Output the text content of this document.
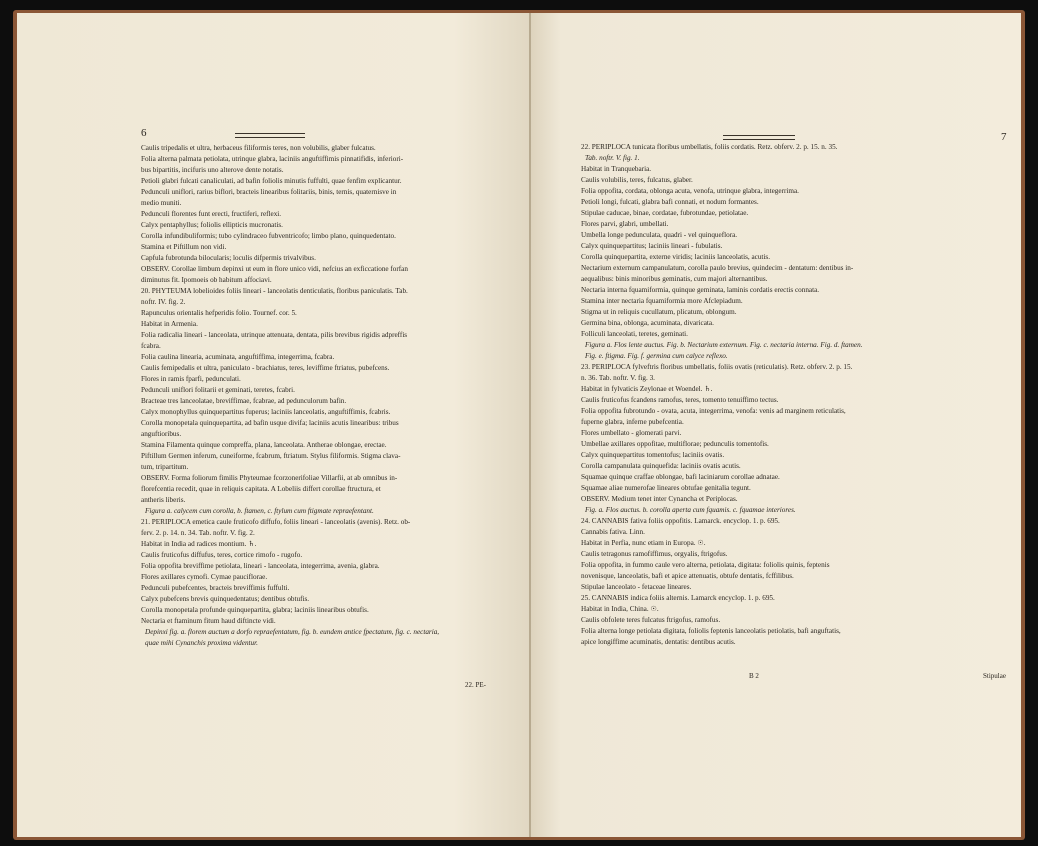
6
Caulis tripedalis et ultra, herbaceus filiformis teres, non volubilis, glaber fulcatus.
Folia alterna palmata petiolata, utrinque glabra, laciniis anguftiffimis pinnatifidis, inferiori-
bus bipartitis, incifuris uno alterove dente notatis.
Petioli glabri fulcati canaliculati, ad bafin foliolis minutis fuffulti, quae fenfim explicantur.
Pedunculi uniflori, rarius biflori, bracteis linearibus folitariis, binis, ternis, quaternisve in
medio muniti.
Pedunculi florentes funt erecti, fructiferi, reflexi.
Calyx pentaphyllus; foliolis ellipticis mucronatis.
Corolla infundibuliformis; tubo cylindraceo fubventricofo; limbo plano, quinquedentato.
Stamina et Piftillum non vidi.
Capfula fubrotunda bilocularis; loculis difpermis trivalvibus.
OBSERV. Corollae limbum depinxi ut eum in flore unico vidi, nefcius an exficcatione forfan
diminutus fit. Ipomoeis ob habitum affociavi.
20. PHYTEUMA lobelioides foliis lineari - lanceolatis denticulatis, floribus paniculatis. Tab.
noftr. IV. fig. 2.
Rapunculus orientalis hefperidis folio. Tournef. cor. 5.
Habitat in Armenia.
Folia radicalia lineari - lanceolata, utrinque attenuata, dentata, pilis brevibus rigidis adpreffis
fcabra.
Folia caulina linearia, acuminata, anguftiffima, integerrima, fcabra.
Caulis femipedalis et ultra, paniculato - brachiatus, teres, leviffime ftriatus, pubefcens.
Flores in ramis fparfi, pedunculati.
Pedunculi uniflori folitarii et geminati, teretes, fcabri.
Bracteae tres lanceolatae, breviffimae, fcabrae, ad pedunculorum bafin.
Calyx monophyllus quinquepartitus fuperus; laciniis lanceolatis, anguftiffimis, fcabris.
Corolla monopetala quinquepartita, ad bafin usque divifa; laciniis acutis linearibus: tribus
anguftioribus.
Stamina Filamenta quinque compreffa, plana, lanceolata. Antherae oblongae, erectae.
Piftillum Germen inferum, cuneiforme, fcabrum, ftriatum. Stylus filiformis. Stigma clava-
tum, tripartitum.
OBSERV. Forma foliorum fimilis Phyteumae fcorzonerifoliae Villarfii, at ab omnibus in-
florefcentia recedit, quae in reliquis capitata. A Lobeliis differt corollae ftructura, et
antheris liberis.
Figura a. calycem cum corolla, b. ftamen, c. ftylum cum ftigmate repraefentant.
21. PERIPLOCA emetica caule fruticofo diffufo, foliis lineari - lanceolatis (avenis). Retz. ob-
ferv. 2. p. 14. n. 34. Tab. noftr. V. fig. 2.
Habitat in India ad radices montium. ♄.
Caulis fruticofus diffufus, teres, cortice rimofo - rugofo.
Folia oppofita breviffime petiolata, lineari - lanceolata, integerrima, avenia, glabra.
Flores axillares cymofi. Cymae pauciflorae.
Pedunculi pubefcentes, bracteis breviffimis fuffulti.
Calyx pubefcens brevis quinquedentatus; dentibus obtufis.
Corolla monopetala profunde quinquepartita, glabra; laciniis linearibus obtufis.
Nectaria et ftaminum fitum haud diftincte vidi.
Depinxi fig. a. florem auctum a dorfo repraefentatum, fig. b. eundem antice fpectatum, fig. c. nectaria,
quae mihi Cynanchis proxima videntur.
22. PE-
7
22. PERIPLOCA tunicata floribus umbellatis, foliis cordatis. Retz. obferv. 2. p. 15. n. 35.
Tab. noftr. V. fig. 1.
Habitat in Tranquebaria.
Caulis volubilis, teres, fulcatus, glaber.
Folia oppofita, cordata, oblonga acuta, venofa, utrinque glabra, integerrima.
Petioli longi, fulcati, glabra bafi connati, et nodum formantes.
Stipulae caducae, binae, cordatae, fubrotundae, petiolatae.
Flores parvi, glabri, umbellati.
Umbella longe pedunculata, quadri - vel quinqueflora.
Calyx quinquepartitus; laciniis lineari - fubulatis.
Corolla quinquepartita, externe viridis; laciniis lanceolatis, acutis.
Nectarium externum campanulatum, corolla paulo brevius, quindecim - dentatum: dentibus in-
aequalibus: binis minoribus geminatis, cum majori alternantibus.
Nectaria interna fquamiformia, quinque geminata, laminis cordatis erectis connata.
Stamina inter nectaria fquamiformia more Afclepiadum.
Stigma ut in reliquis cucullatum, plicatum, oblongum.
Germina bina, oblonga, acuminata, divaricata.
Folliculi lanceolati, teretes, geminati.
Figura a. Flos lente auctus. Fig. b. Nectarium externum. Fig. c. nectaria interna. Fig. d. ftamen.
Fig. e. ftigma. Fig. f. germina cum calyce reflexo.
23. PERIPLOCA fylveftris floribus umbellatis, foliis ovatis (reticulatis). Retz. obferv. 2. p. 15.
n. 36. Tab. noftr. V. fig. 3.
Habitat in fylvaticis Zeylonae et Woendel. ♄.
Caulis fruticofus fcandens ramofus, teres, tomento tenuiffimo tectus.
Folia oppofita fubrotundo - ovata, acuta, integerrima, venofa: venis ad marginem reticulatis,
fuperne glabra, inferne pubefcentia.
Flores umbellato - glomerati parvi.
Umbellae axillares oppofitae, multiflorae; pedunculis tomentofis.
Calyx quinquepartitus tomentofus; laciniis ovatis.
Corolla campanulata quinquefida: laciniis ovatis acutis.
Squamae quinque craffae oblongae, bafi laciniarum corollae adnatae.
Squamae aliae numerofae lineares obtufae genitalia tegunt.
OBSERV. Medium tenet inter Cynancha et Periplocas.
Fig. a. Flos auctus. b. corolla aperta cum fquamis. c. fquamae interiores.
24. CANNABIS fativa foliis oppofitis. Lamarck. encyclop. 1. p. 695.
Cannabis fativa. Linn.
Habitat in Perfia, nunc etiam in Europa. ☉.
Caulis tetragonus ramofiffimus, orgyalis, ftrigofus.
Folia oppofita, in fummo caule vero alterna, petiolata, digitata: foliolis quinis, feptenis
novenisque, lanceolatis, bafi et apice attenuatis, obtufe dentatis, fcffilibus.
Stipulae lanceolato - fetaceae lineares.
25. CANNABIS indica foliis alternis. Lamarck encyclop. 1. p. 695.
Habitat in India, China. ☉.
Caulis obfolete teres fulcatus ftrigofus, ramofus.
Folia alterna longe petiolata digitata, foliolis feptenis lanceolatis petiolatis, bafi anguftatis,
apice longiffime acuminatis, dentatis: dentibus acutis.
B 2	Stipulae
